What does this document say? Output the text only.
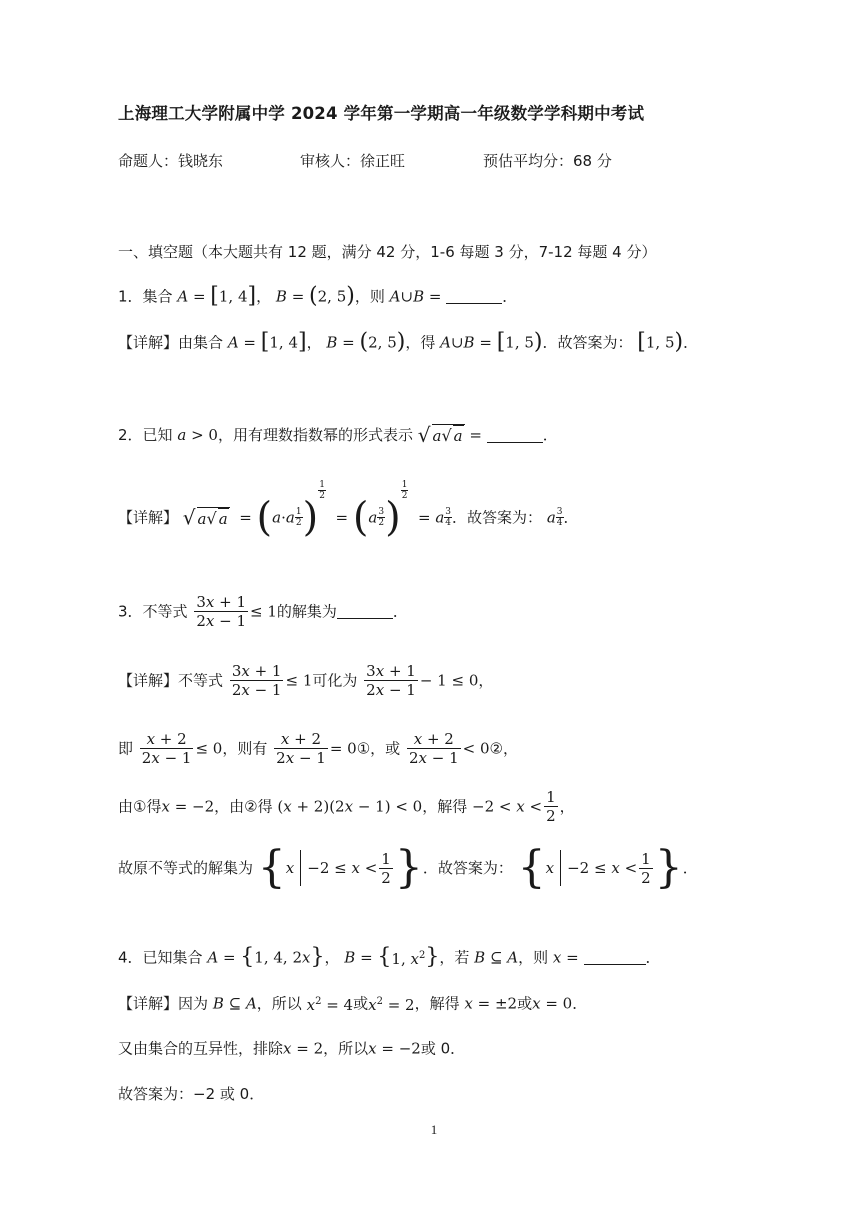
上海理工大学附属中学 2024 学年第一学期高一年级数学学科期中考试
命题人：钱晓东	审核人：徐正旺	预估平均分：68 分
一、填空题（本大题共有 12 题，满分 42 分，1-6 每题 3 分，7-12 每题 4 分）
1．集合 A = [1, 4]， B = (2, 5)，则 A∪B =	．
【详解】由集合 A = [1, 4]， B = (2, 5)，得 A∪B = [1, 5)．故答案为： [1, 5)．
2．已知 a > 0，用有理数指数幂的形式表示 √ a√ a =	．
【详解】 √ a√ $a = (a\cdot a \frac{1}{2}$ )
$\frac{1}{2}$
= ($a \frac{3}{2}$ )
$\frac{1}{2}$
= a $\frac{3}{4}$ ．故答案为： a $\frac{3}{4}$ ．
3．不等式 $\frac{3x + 1}{2x - 1} \le 1$的解集为	．
【详解】不等式 $\frac{3x + 1}{2x - 1} \le 1$可化为 $\frac{3x + 1}{2x - 1} - 1 \le 0$，
即 $\frac{x + 2}{2x - 1} \le 0$，则有 $\frac{x + 2}{2x - 1}$ = 0①，或 $\frac{x + 2}{2x - 1}$ < 0②，
由①得x = −2，由②得 (x + 2)(2x − 1) < 0，解得 $-2 < x < \frac{1}{2}$ ，
故原不等式的解集为 {$x -2 \le x < \frac{1}{2}$ }．故答案为： {$x -2 \le x < \frac{1}{2}$ }．
4．已知集合 A = {1, 4, 2x}， B = {1, $x^2$}，若 B ⊆ A，则 x =	．
【详解】因为 B ⊆ A，所以 $x^2 = 4$或$x^2 = 2$，解得 x = ±2或x = 0．
又由集合的互异性，排除x = 2，所以x = −2或 0．
故答案为：−2 或 0．
1
